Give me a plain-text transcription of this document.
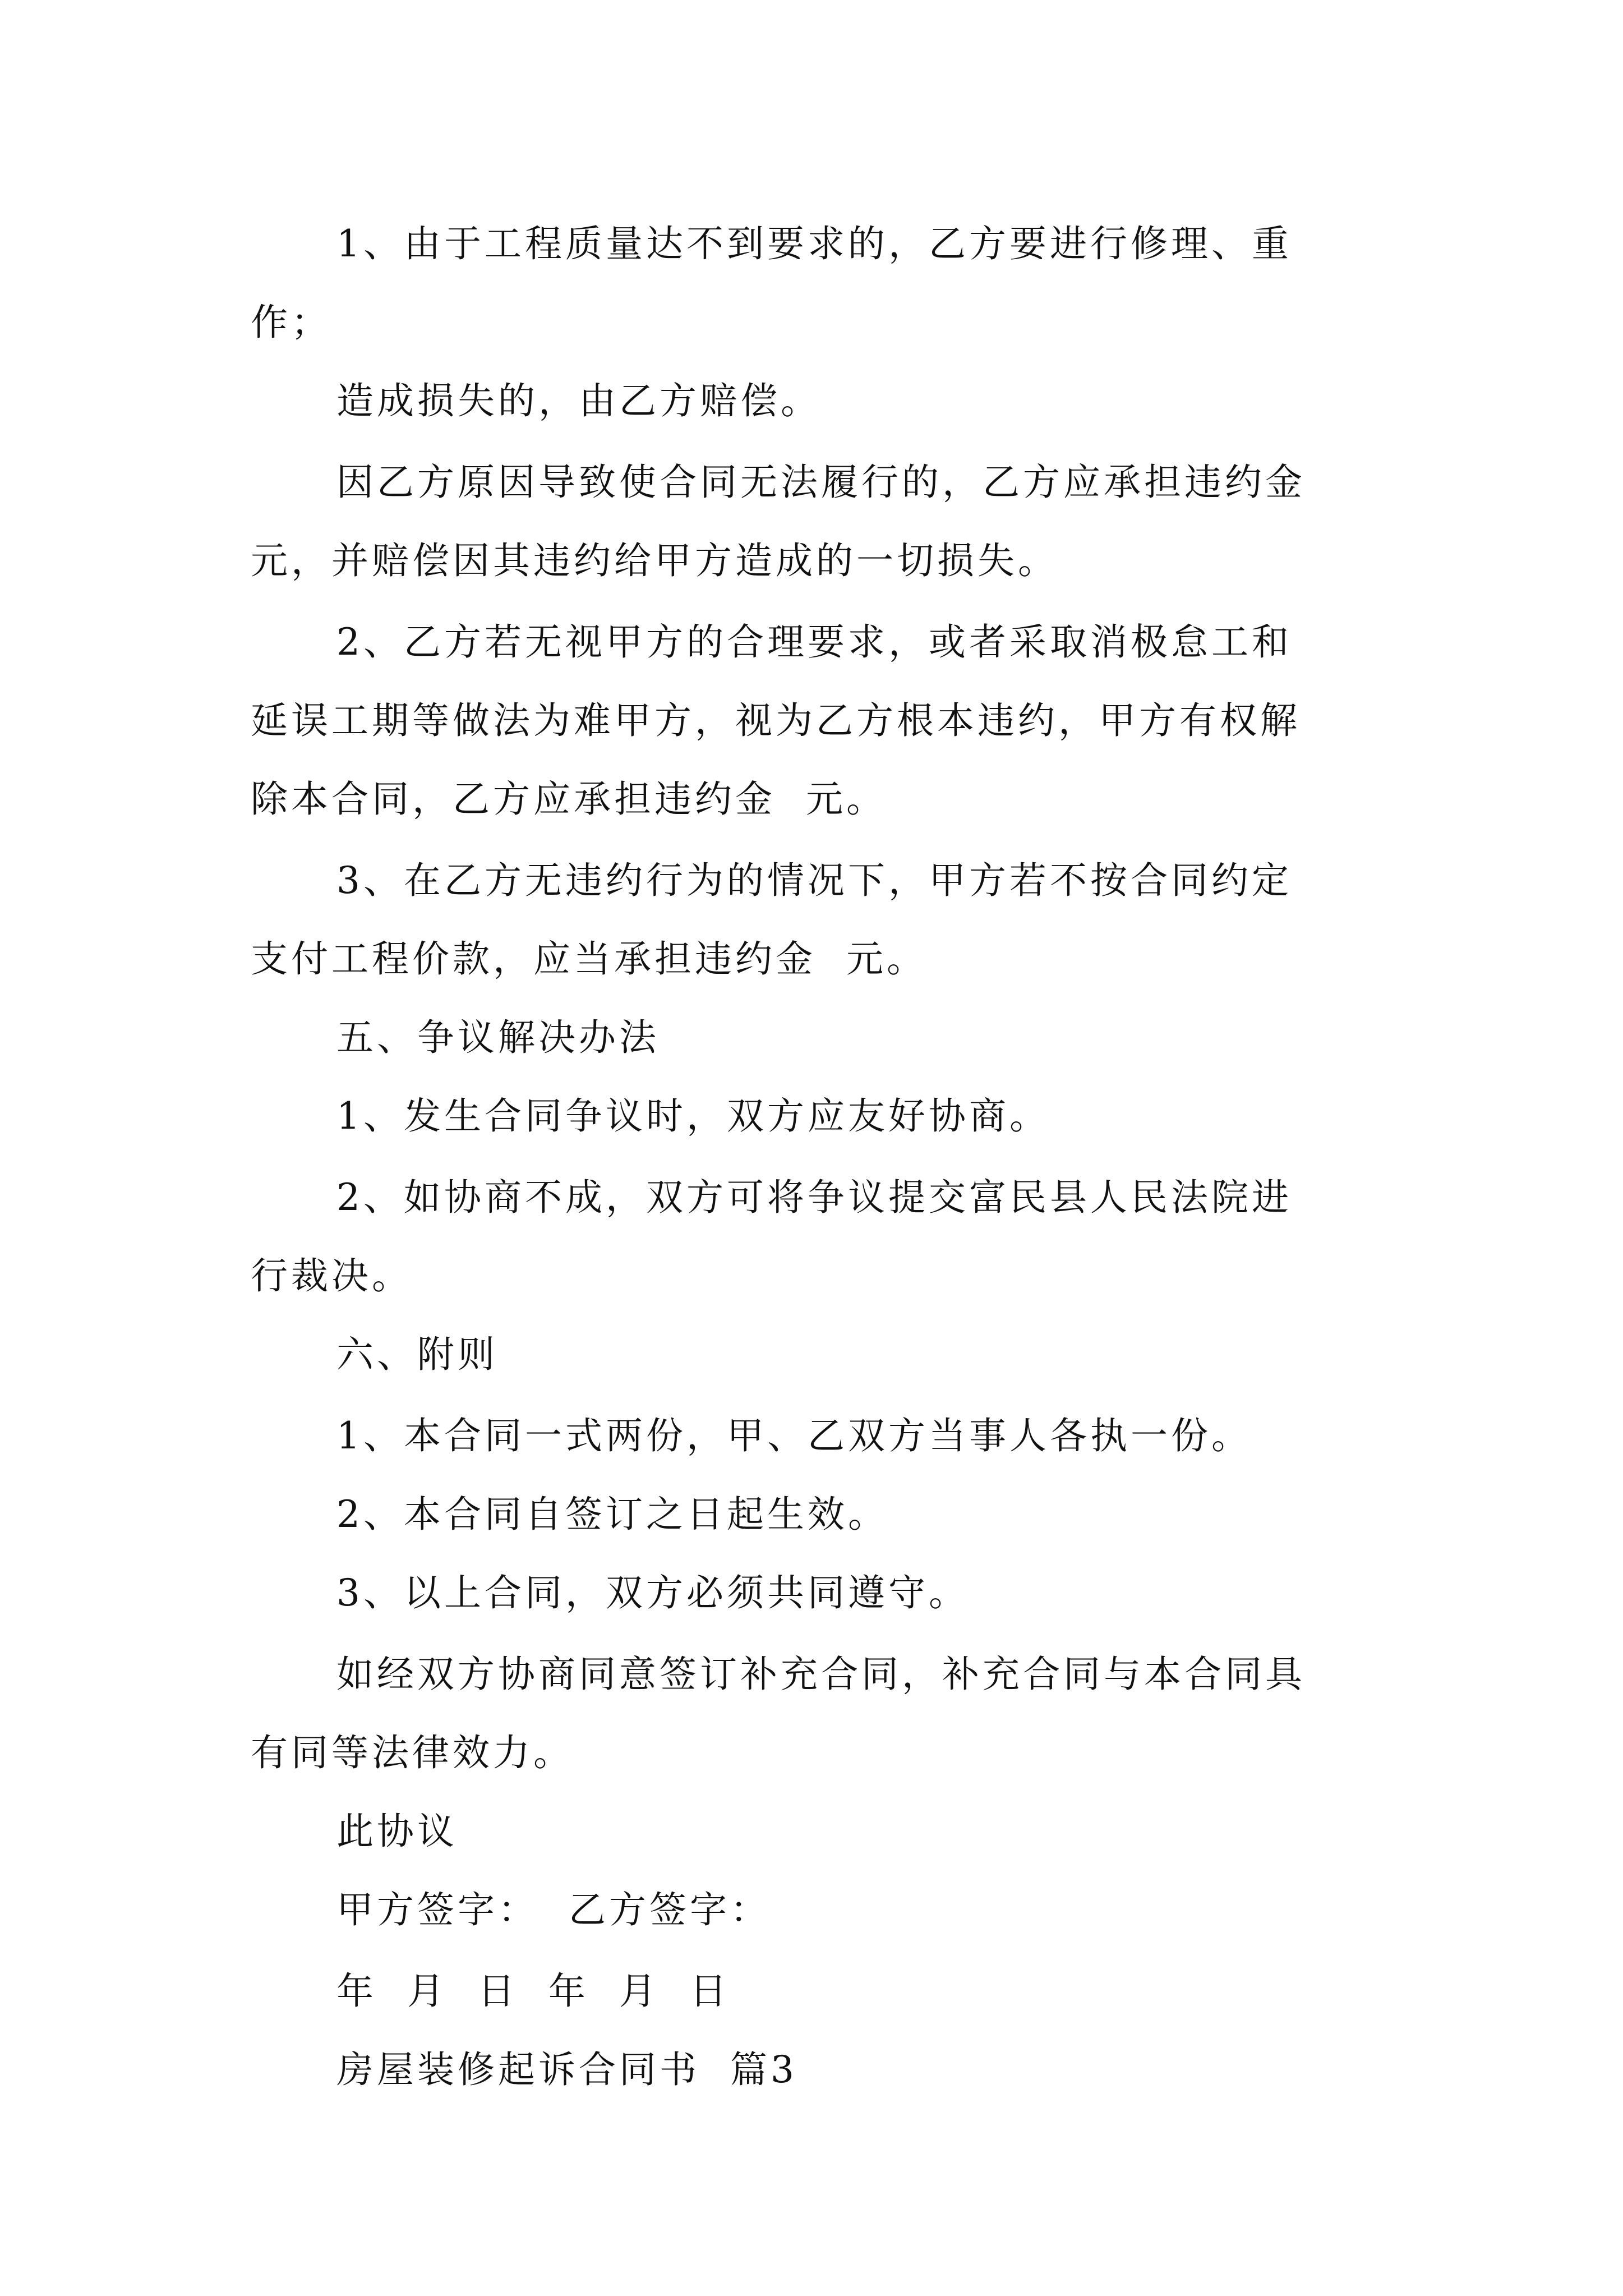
1、由于工程质量达不到要求的，乙方要进行修理、重
作；
造成损失的，由乙方赔偿。
因乙方原因导致使合同无法履行的，乙方应承担违约金
元，并赔偿因其违约给甲方造成的一切损失。
2、乙方若无视甲方的合理要求，或者采取消极怠工和
延误工期等做法为难甲方，视为乙方根本违约，甲方有权解
除本合同，乙方应承担违约金  元。
3、在乙方无违约行为的情况下，甲方若不按合同约定
支付工程价款，应当承担违约金  元。
五、争议解决办法
1、发生合同争议时，双方应友好协商。
2、如协商不成，双方可将争议提交富民县人民法院进
行裁决。
六、附则
1、本合同一式两份，甲、乙双方当事人各执一份。
2、本合同自签订之日起生效。
3、以上合同，双方必须共同遵守。
如经双方协商同意签订补充合同，补充合同与本合同具
有同等法律效力。
此协议
甲方签字：  乙方签字：
年  月  日  年  月  日
房屋装修起诉合同书  篇3
